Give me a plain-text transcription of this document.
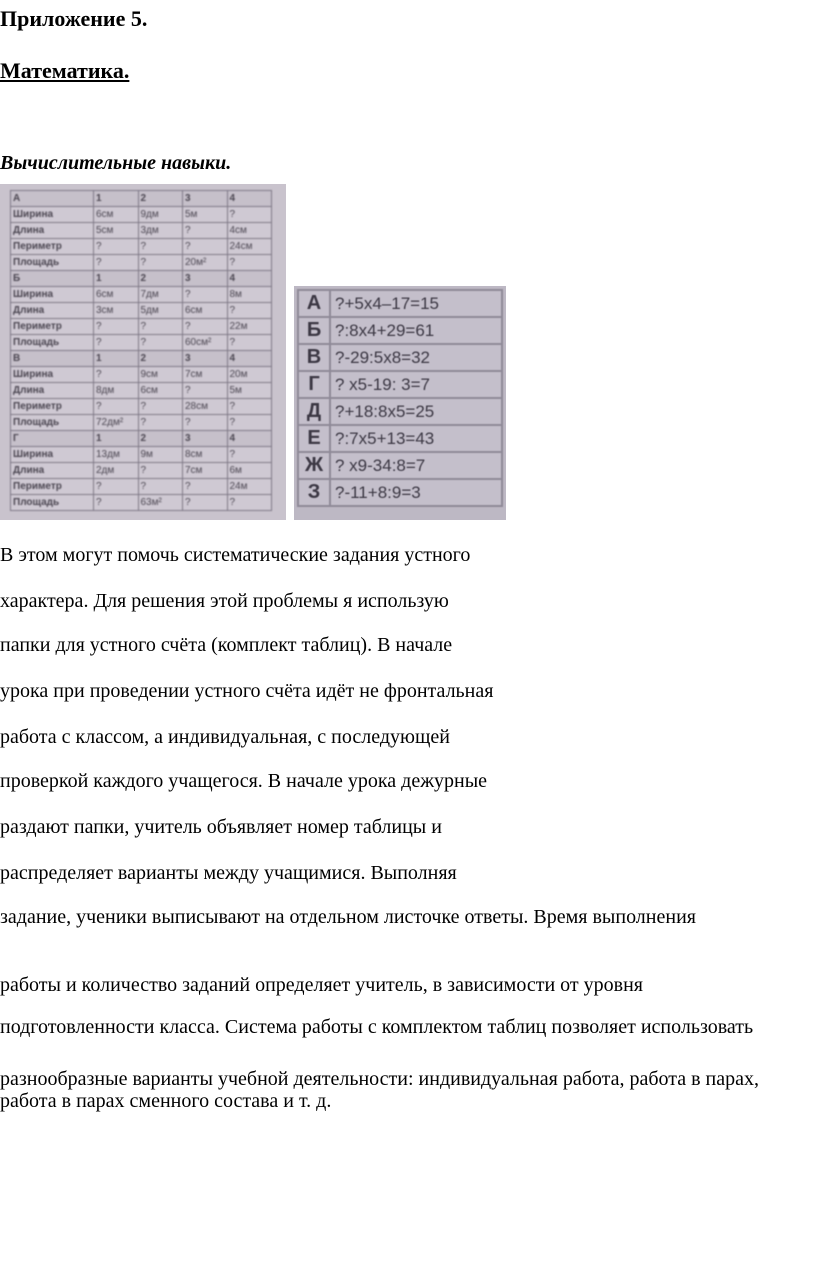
Приложение 5.
Математика.
Вычислительные навыки.
А	1	2	3	4
Ширина	6см	9дм	5м	?
Длина	5см	3дм	?	4см
Периметр	?	?	?	24см
Площадь	?	?	20м²	?
Б	1	2	3	4
Ширина	6см	7дм	?	8м
Длина	3см	5дм	6см	?
Периметр	?	?	?	22м
Площадь	?	?	60см²	?
В	1	2	3	4
Ширина	?	9см	7см	20м
Длина	8дм	6см	?	5м
Периметр	?	?	28см	?
Площадь	72дм²	?	?	?
Г	1	2	3	4
Ширина	13дм	9м	8см	?
Длина	2дм	?	7см	6м
Периметр	?	?	?	24м
Площадь	?	63м²	?	?
А	?+5x4–17=15
Б	?:8x4+29=61
В	?-29:5x8=32
Г	? x5-19: 3=7
Д	?+18:8x5=25
Е	?:7x5+13=43
Ж	? x9-34:8=7
З	?-11+8:9=3
В этом могут помочь систематические задания устного
характера. Для решения этой проблемы я использую
папки для устного счёта (комплект таблиц). В начале
урока при проведении устного счёта идёт не фронтальная
работа с классом, а индивидуальная, с последующей
проверкой каждого учащегося. В начале урока дежурные
раздают папки, учитель объявляет номер таблицы и
распределяет варианты между учащимися. Выполняя
задание, ученики выписывают на отдельном листочке ответы. Время выполнения
работы и количество заданий определяет учитель, в зависимости от уровня
подготовленности класса. Система работы с комплектом таблиц позволяет использовать
разнообразные варианты учебной деятельности: индивидуальная работа, работа в парах, работа в парах сменного состава и т. д.
